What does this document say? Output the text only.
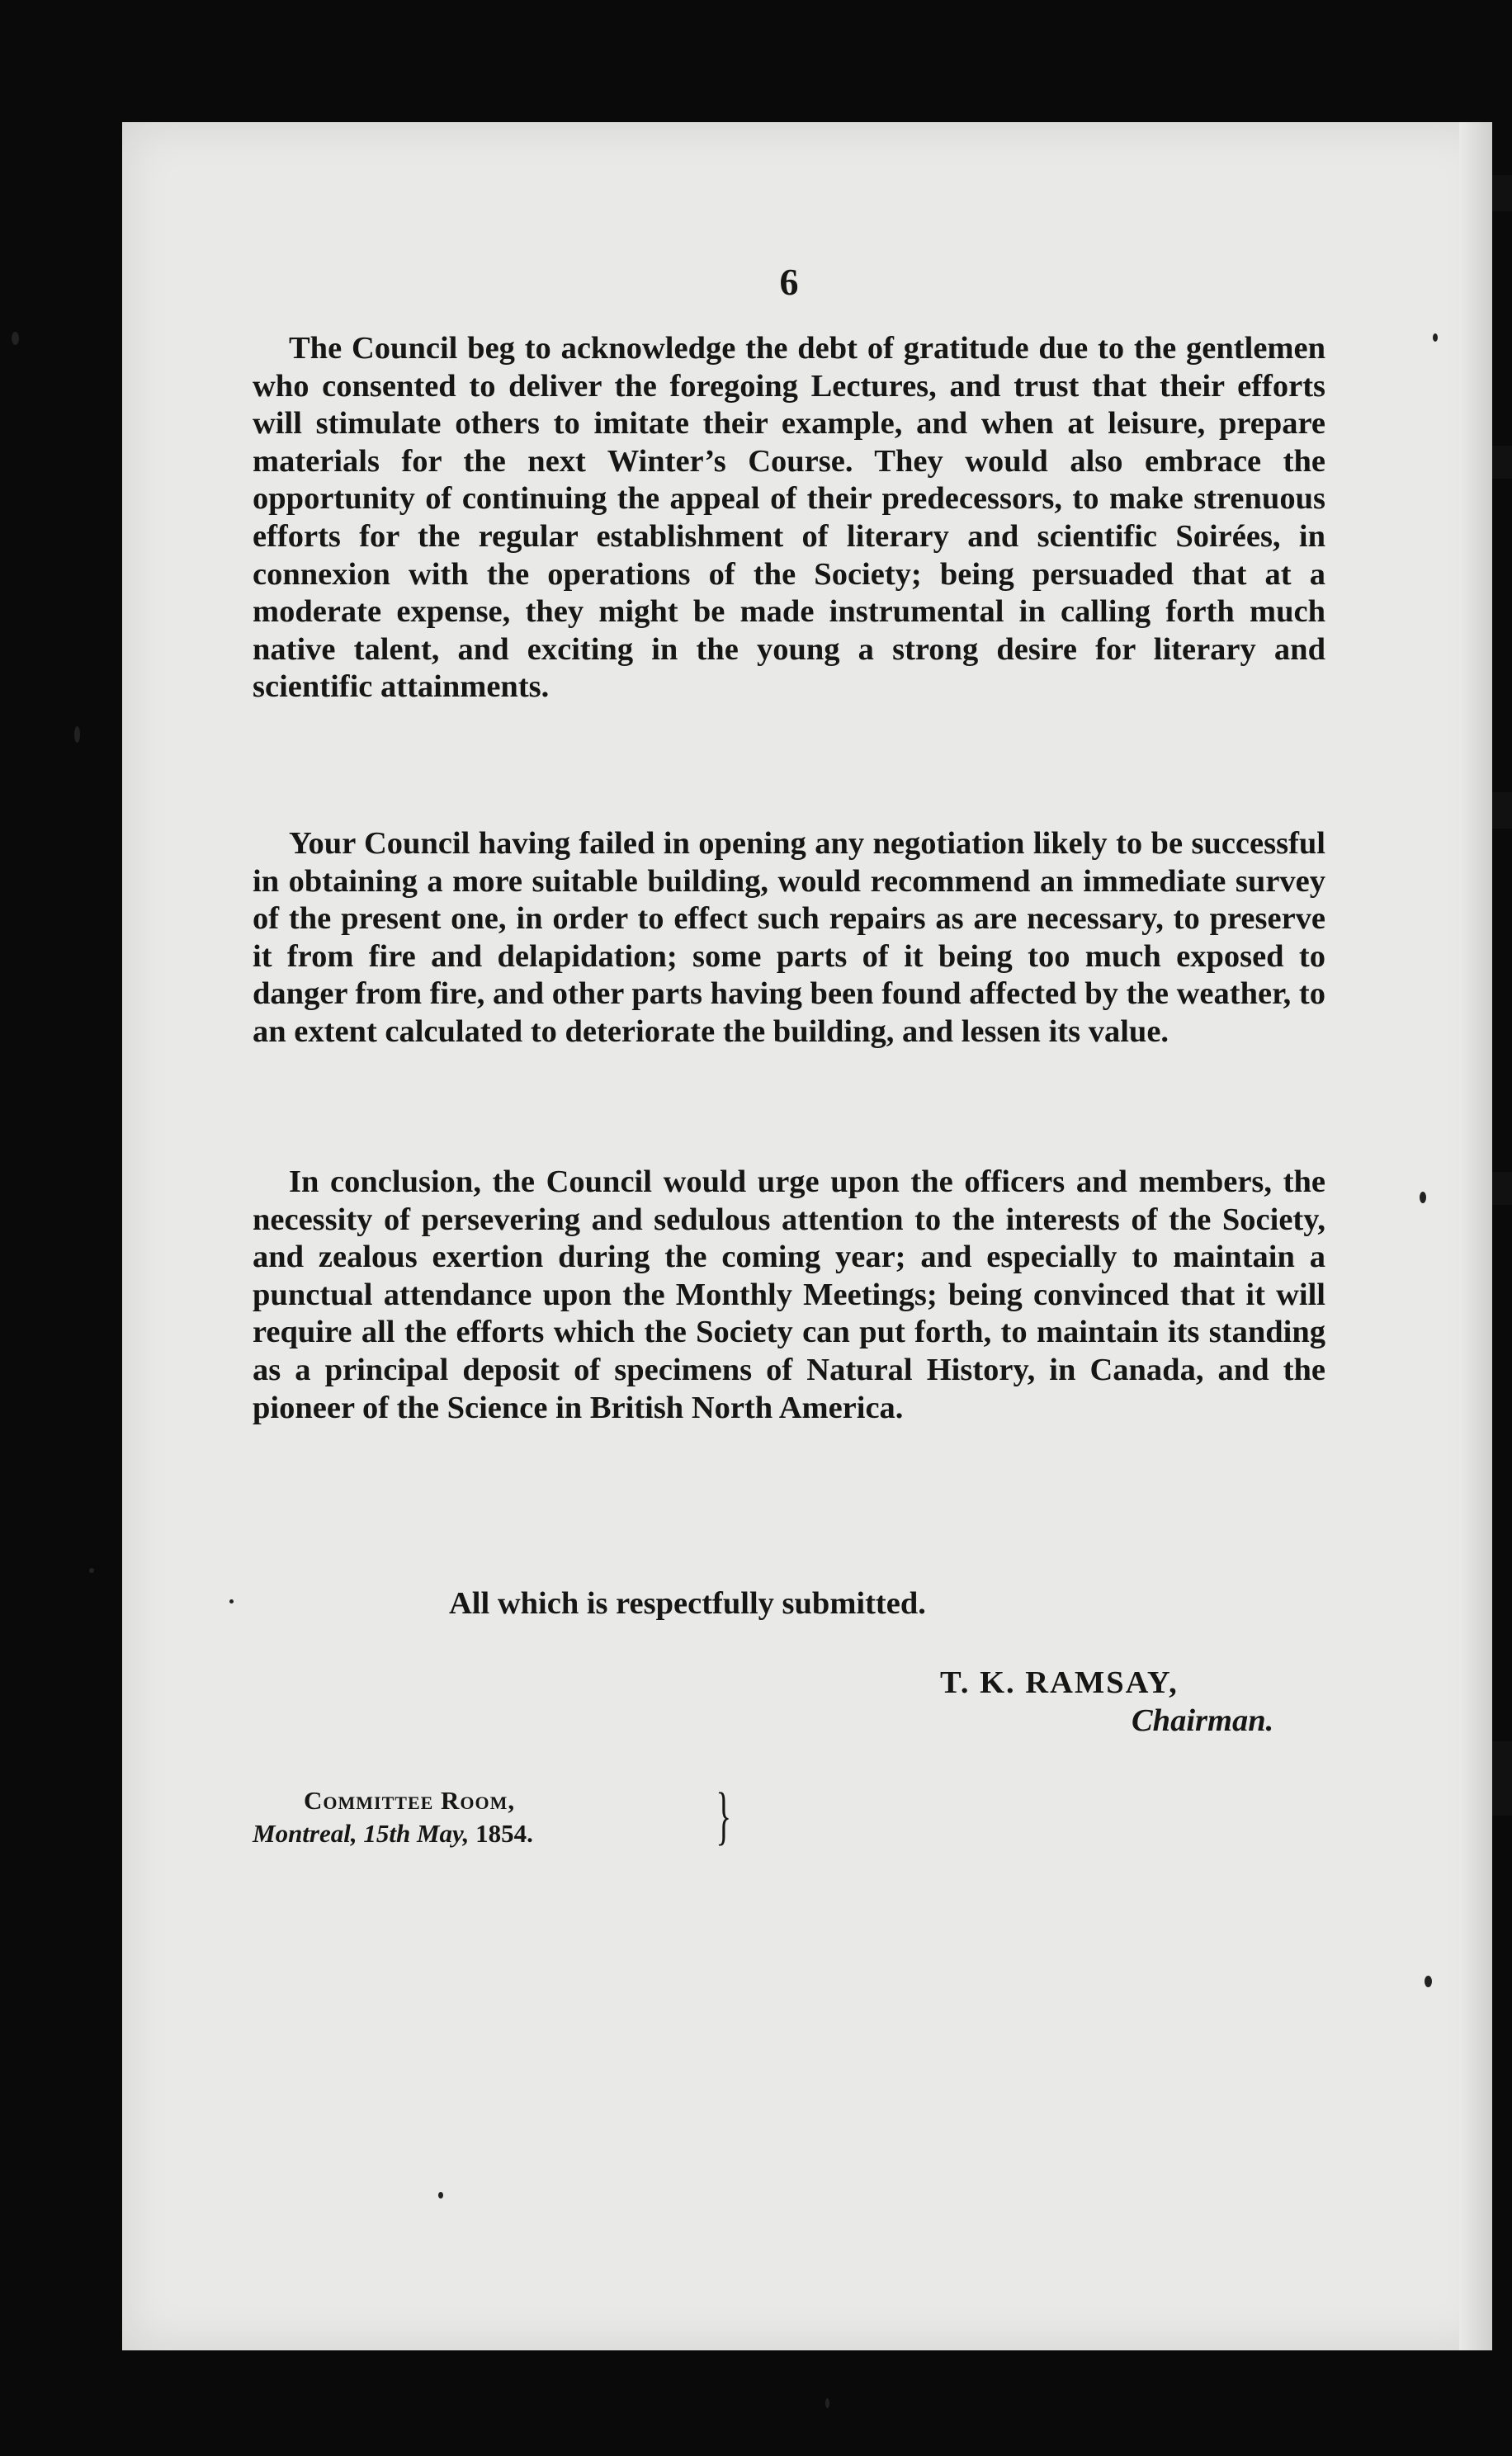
6

The Council beg to acknowledge the debt of gratitude due to the gentlemen who consented to deliver the foregoing Lectures, and trust that their efforts will stimulate others to imitate their example, and when at leisure, prepare materials for the next Winter’s Course. They would also embrace the opportunity of continuing the appeal of their predecessors, to make strenuous efforts for the regular establishment of literary and scientific Soirées, in connexion with the operations of the Society; being persuaded that at a moderate expense, they might be made instrumental in calling forth much native talent, and exciting in the young a strong desire for literary and scientific attainments.

Your Council having failed in opening any negotiation likely to be successful in obtaining a more suitable building, would recommend an immediate survey of the present one, in order to effect such repairs as are necessary, to preserve it from fire and delapidation; some parts of it being too much exposed to danger from fire, and other parts having been found affected by the weather, to an extent calculated to deteriorate the building, and lessen its value.

In conclusion, the Council would urge upon the officers and members, the necessity of persevering and sedulous attention to the interests of the Society, and zealous exertion during the coming year; and especially to maintain a punctual attendance upon the Monthly Meetings; being convinced that it will require all the efforts which the Society can put forth, to maintain its standing as a principal deposit of specimens of Natural History, in Canada, and the pioneer of the Science in British North America.

All which is respectfully submitted.
T. K. RAMSAY,
Chairman.
Committee Room,
Montreal, 15th May, 1854.	}
